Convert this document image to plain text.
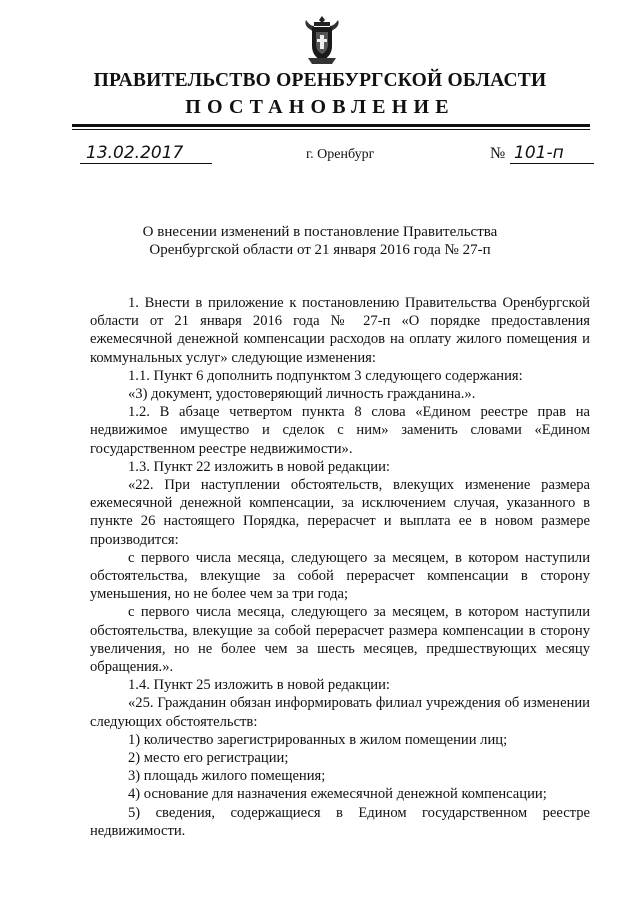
ПРАВИТЕЛЬСТВО ОРЕНБУРГСКОЙ ОБЛАСТИ
ПОСТАНОВЛЕНИЕ
13.02.2017	г. Оренбург	№ 101-п
О внесении изменений в постановление Правительства
Оренбургской области от 21 января 2016 года № 27-п

1. Внести в приложение к постановлению Правительства Оренбургской области от 21 января 2016 года № 27-п «О порядке предоставления ежемесячной денежной компенсации расходов на оплату жилого помещения и коммунальных услуг» следующие изменения:

1.1. Пункт 6 дополнить подпунктом 3 следующего содержания:

«3) документ, удостоверяющий личность гражданина.».

1.2. В абзаце четвертом пункта 8 слова «Едином реестре прав на недвижимое имущество и сделок с ним» заменить словами «Едином государственном реестре недвижимости».

1.3. Пункт 22 изложить в новой редакции:

«22. При наступлении обстоятельств, влекущих изменение размера ежемесячной денежной компенсации, за исключением случая, указанного в пункте 26 настоящего Порядка, перерасчет и выплата ее в новом размере производится:

с первого числа месяца, следующего за месяцем, в котором наступили обстоятельства, влекущие за собой перерасчет компенсации в сторону уменьшения, но не более чем за три года;

с первого числа месяца, следующего за месяцем, в котором наступили обстоятельства, влекущие за собой перерасчет размера компенсации в сторону увеличения, но не более чем за шесть месяцев, предшествующих месяцу обращения.».

1.4. Пункт 25 изложить в новой редакции:

«25. Гражданин обязан информировать филиал учреждения об изменении следующих обстоятельств:

1) количество зарегистрированных в жилом помещении лиц;

2) место его регистрации;

3) площадь жилого помещения;

4) основание для назначения ежемесячной денежной компенсации;

5) сведения, содержащиеся в Едином государственном реестре недвижимости.
